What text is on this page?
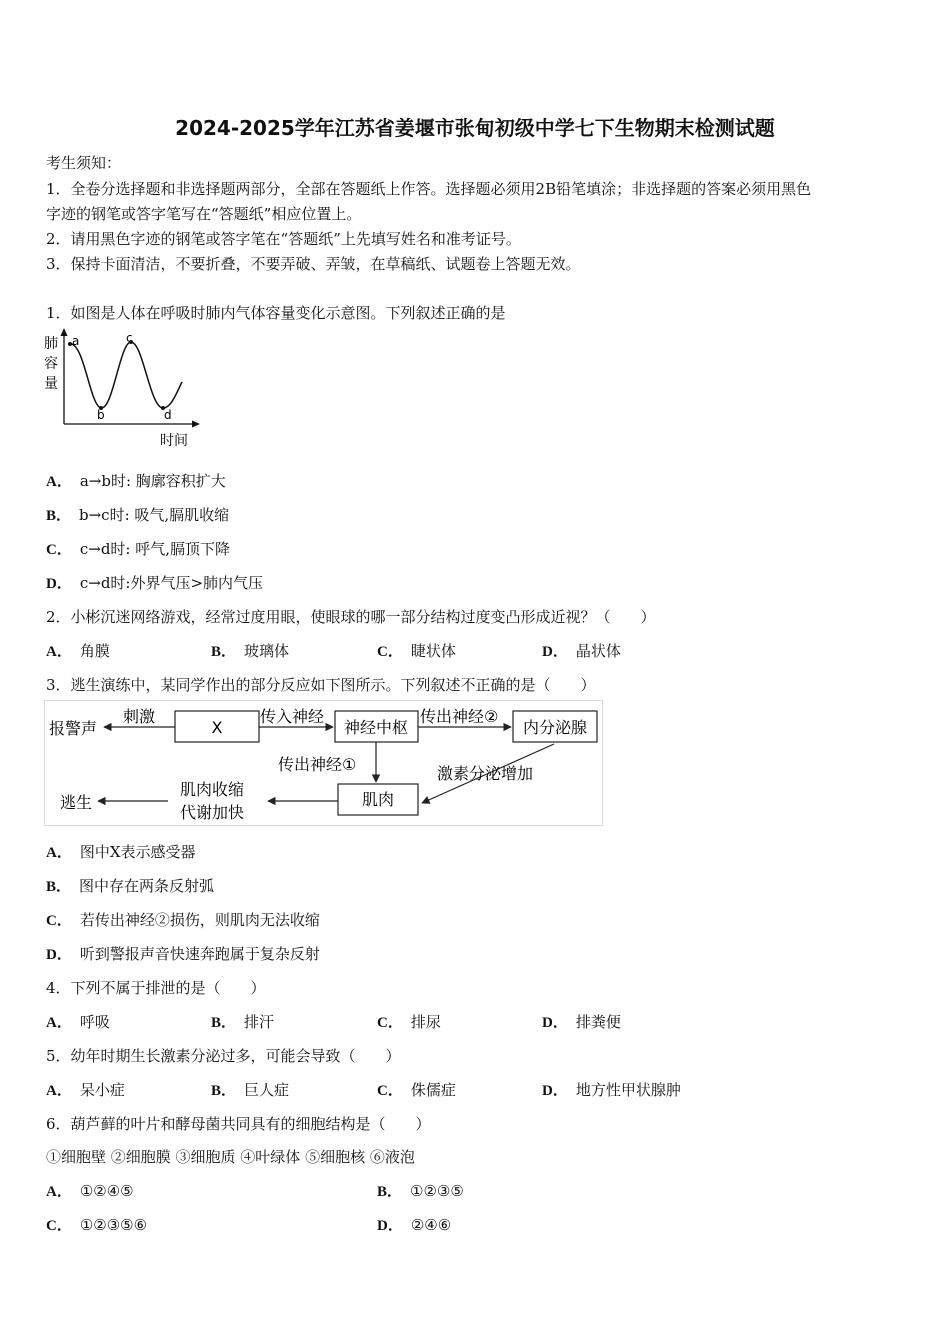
2024-2025学年江苏省姜堰市张甸初级中学七下生物期末检测试题
考生须知：
1．全卷分选择题和非选择题两部分，全部在答题纸上作答。选择题必须用2B铅笔填涂；非选择题的答案必须用黑色
字迹的钢笔或答字笔写在“答题纸”相应位置上。
2．请用黑色字迹的钢笔或答字笔在“答题纸”上先填写姓名和准考证号。
3．保持卡面清洁，不要折叠，不要弄破、弄皱，在草稿纸、试题卷上答题无效。
1．如图是人体在呼吸时肺内气体容量变化示意图。下列叙述正确的是
a
b
c
d
肺
容
量
时间
A． a→b时: 胸廓容积扩大
B． b→c时: 吸气,膈肌收缩
C． c→d时: 呼气,膈顶下降
D． c→d时:外界气压>肺内气压
2．小彬沉迷网络游戏，经常过度用眼，使眼球的哪一部分结构过度变凸形成近视？（　　）
A． 角膜	B． 玻璃体	C． 睫状体	D． 晶状体
3．逃生演练中，某同学作出的部分反应如下图所示。下列叙述不正确的是（　　）
报警声
刺激
X
传入神经
神经中枢
传出神经②
内分泌腺
传出神经①	激素分泌增加
肌肉
肌肉收缩
代谢加快
逃生
A． 图中X表示感受器
B． 图中存在两条反射弧
C． 若传出神经②损伤，则肌肉无法收缩
D． 听到警报声音快速奔跑属于复杂反射
4．下列不属于排泄的是（　　）
A． 呼吸	B． 排汗	C． 排尿	D． 排粪便
5．幼年时期生长激素分泌过多，可能会导致（　　）
A． 呆小症	B． 巨人症	C． 侏儒症	D． 地方性甲状腺肿
6．葫芦藓的叶片和酵母菌共同具有的细胞结构是（　　）
①细胞壁 ②细胞膜 ③细胞质 ④叶绿体 ⑤细胞核 ⑥液泡
A． ①②④⑤	B． ①②③⑤
C． ①②③⑤⑥	D． ②④⑥
